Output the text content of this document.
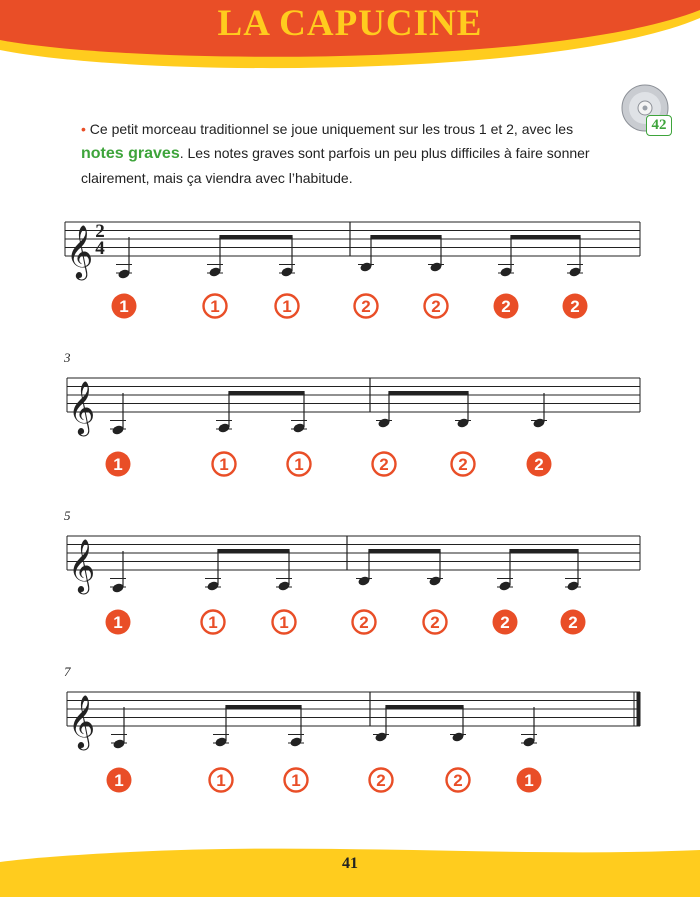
LA CAPUCINE
• Ce petit morceau traditionnel se joue uniquement sur les trous 1 et 2, avec les notes graves. Les notes graves sont parfois un peu plus difficiles à faire sonner clairement, mais ça viendra avec l’habitude.
42
𝄞 2
4
1	1	1	2	2	2	2
𝄞
3
1	1	1	2	2	2
𝄞
5
1	1	1	2	2	2	2
𝄞
7
1	1	1	2	2	1
41
